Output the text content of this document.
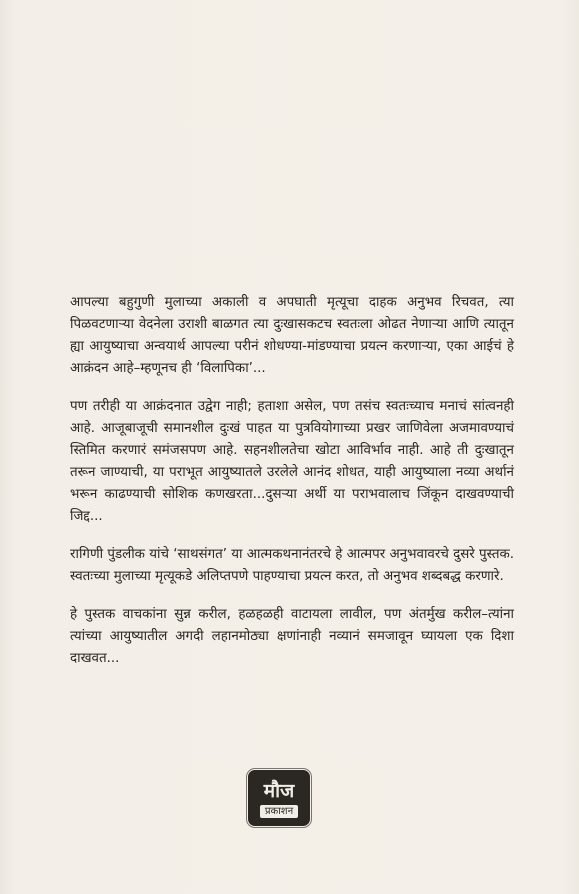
आपल्या बहुगुणी मुलाच्या अकाली व अपघाती मृत्यूचा दाहक अनुभव रिचवत, त्या पिळवटणाऱ्या वेदनेला उराशी बाळगत त्या दुःखासकटच स्वतःला ओढत नेणाऱ्या आणि त्यातून ह्या आयुष्याचा अन्वयार्थ आपल्या परीनं शोधण्या-मांडण्याचा प्रयत्न करणाऱ्या, एका आईचं हे आक्रंदन आहे–म्हणूनच ही ‘विलापिका’...

पण तरीही या आक्रंदनात उद्वेग नाही; हताशा असेल, पण तसंच स्वतःच्याच मनाचं सांत्वनही आहे. आजूबाजूची समानशील दुःखं पाहत या पुत्रवियोगाच्या प्रखर जाणिवेला अजमावण्याचं स्तिमित करणारं समंजसपण आहे. सहनशीलतेचा खोटा आविर्भाव नाही. आहे ती दुःखातून तरून जाण्याची, या पराभूत आयुष्यातले उरलेले आनंद शोधत, याही आयुष्याला नव्या अर्थानं भरून काढण्याची सोशिक कणखरता...दुसऱ्या अर्थी या पराभवालाच जिंकून दाखवण्याची जिद्द...

रागिणी पुंडलीक यांचे ‘साथसंगत’ या आत्मकथनानंतरचे हे आत्मपर अनुभवावरचे दुसरे पुस्तक. स्वतःच्या मुलाच्या मृत्यूकडे अलिप्तपणे पाहण्याचा प्रयत्न करत, तो अनुभव शब्दबद्ध करणारे.

हे पुस्तक वाचकांना सुन्न करील, हळहळही वाटायला लावील, पण अंतर्मुख करील–त्यांना त्यांच्या आयुष्यातील अगदी लहानमोठ्या क्षणांनाही नव्यानं समजावून घ्यायला एक दिशा दाखवत...

मौज
प्रकाशन
